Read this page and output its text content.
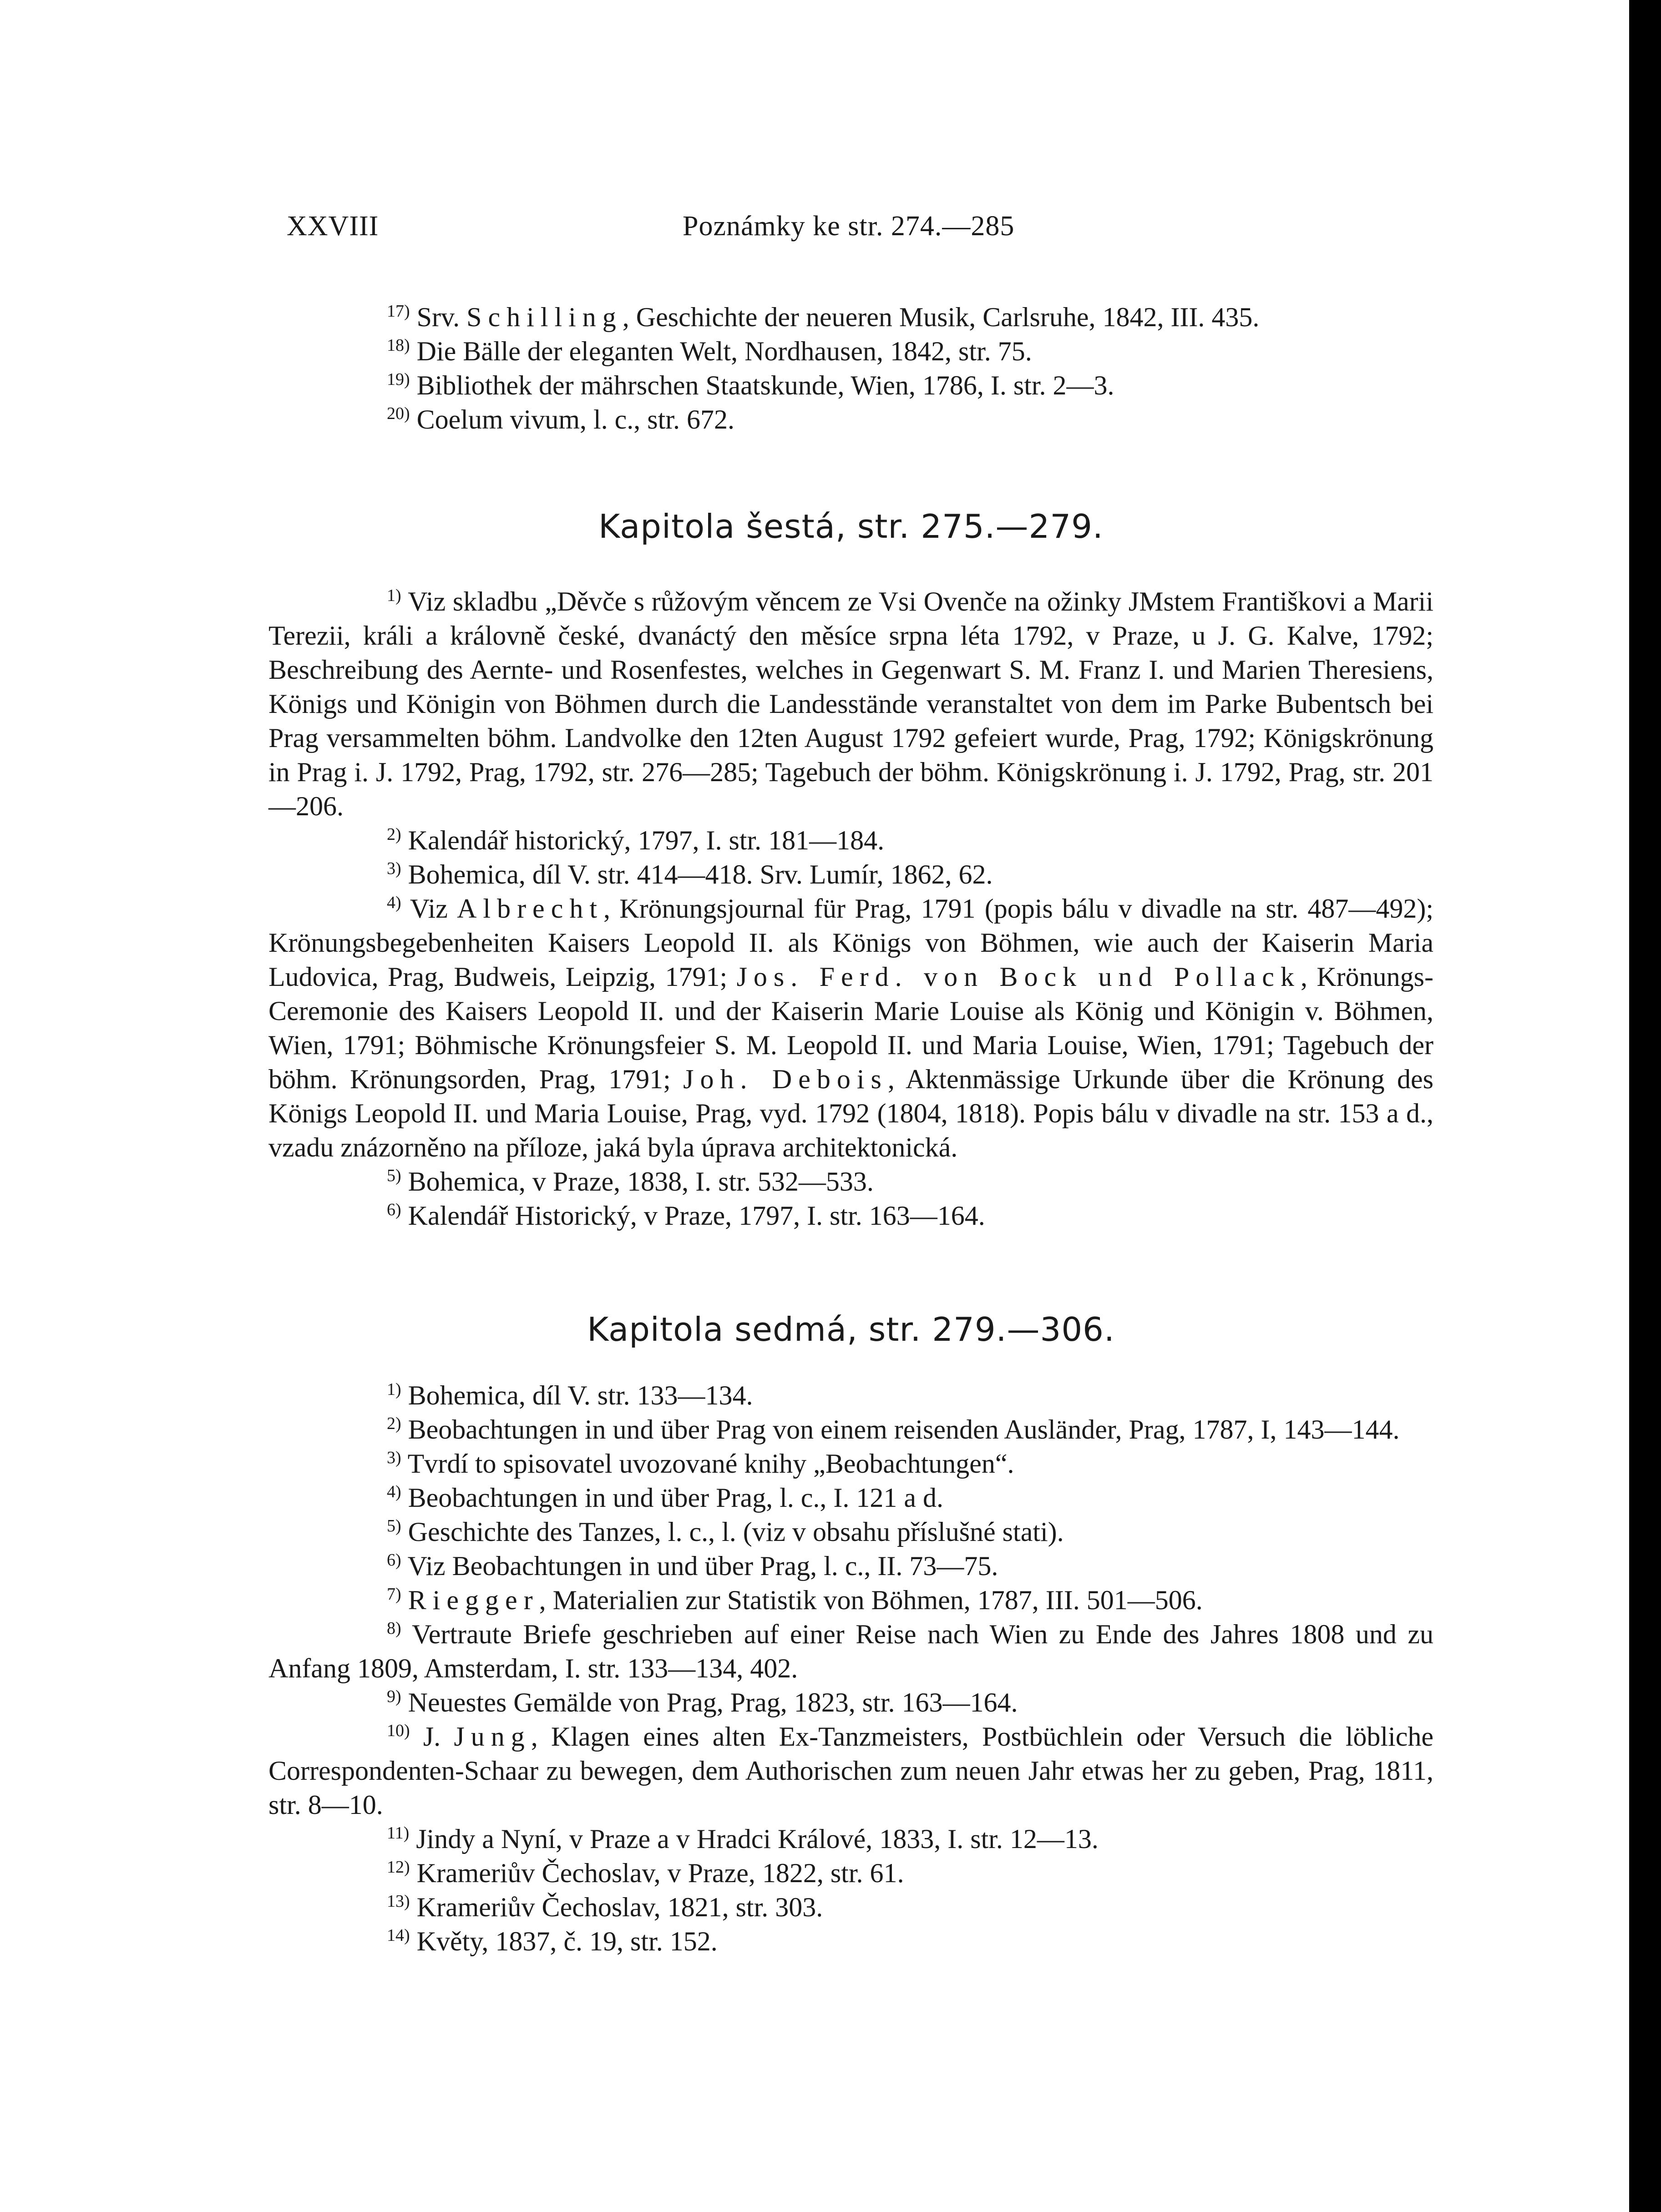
XXVIII	Poznámky ke str. 274.—285

$^{17)}$ Srv. Schilling, Geschichte der neueren Musik, Carlsruhe, 1842, III. 435.

$^{18)}$ Die Bälle der eleganten Welt, Nordhausen, 1842, str. 75.

$^{19)}$ Bibliothek der mährschen Staatskunde, Wien, 1786, I. str. 2—3.

$^{20)}$ Coelum vivum, l. c., str. 672.

Kapitola šestá, str. 275.—279.

$^{1)}$ Viz skladbu „Děvče s růžovým věncem ze Vsi Ovenče na ožinky JMstem Františkovi a Marii Terezii, králi a královně české, dvanáctý den měsíce srpna léta 1792, v Praze, u J. G. Kalve, 1792; Beschreibung des Aernte- und Rosenfestes, welches in Gegenwart S. M. Franz I. und Marien Theresiens, Königs und Königin von Böhmen durch die Landesstände veranstaltet von dem im Parke Bubentsch bei Prag versammelten böhm. Landvolke den 12ten August 1792 gefeiert wurde, Prag, 1792; Königskrönung in Prag i. J. 1792, Prag, 1792, str. 276—285; Tagebuch der böhm. Königskrönung i. J. 1792, Prag, str. 201—206.

$^{2)}$ Kalendář historický, 1797, I. str. 181—184.

$^{3)}$ Bohemica, díl V. str. 414—418. Srv. Lumír, 1862, 62.

$^{4)}$ Viz Albrecht, Krönungsjournal für Prag, 1791 (popis bálu v divadle na str. 487—492); Krönungsbegebenheiten Kaisers Leopold II. als Königs von Böhmen, wie auch der Kaiserin Maria Ludovica, Prag, Budweis, Leipzig, 1791; Jos. Ferd. von Bock und Pollack, Krönungs-Ceremonie des Kaisers Leopold II. und der Kaiserin Marie Louise als König und Königin v. Böhmen, Wien, 1791; Böhmische Krönungsfeier S. M. Leopold II. und Maria Louise, Wien, 1791; Tagebuch der böhm. Krönungsorden, Prag, 1791; Joh. Debois, Aktenmässige Urkunde über die Krönung des Königs Leopold II. und Maria Louise, Prag, vyd. 1792 (1804, 1818). Popis bálu v divadle na str. 153 a d., vzadu znázorněno na příloze, jaká byla úprava architektonická.

$^{5)}$ Bohemica, v Praze, 1838, I. str. 532—533.

$^{6)}$ Kalendář Historický, v Praze, 1797, I. str. 163—164.

Kapitola sedmá, str. 279.—306.

$^{1)}$ Bohemica, díl V. str. 133—134.

$^{2)}$ Beobachtungen in und über Prag von einem reisenden Ausländer, Prag, 1787, I, 143—144.

$^{3)}$ Tvrdí to spisovatel uvozované knihy „Beobachtungen“.

$^{4)}$ Beobachtungen in und über Prag, l. c., I. 121 a d.

$^{5)}$ Geschichte des Tanzes, l. c., l. (viz v obsahu příslušné stati).

$^{6)}$ Viz Beobachtungen in und über Prag, l. c., II. 73—75.

$^{7)}$ Riegger, Materialien zur Statistik von Böhmen, 1787, III. 501—506.

$^{8)}$ Vertraute Briefe geschrieben auf einer Reise nach Wien zu Ende des Jahres 1808 und zu Anfang 1809, Amsterdam, I. str. 133—134, 402.

$^{9)}$ Neuestes Gemälde von Prag, Prag, 1823, str. 163—164.

$^{10)}$ J. Jung, Klagen eines alten Ex-Tanzmeisters, Postbüchlein oder Versuch die löbliche Correspondenten-Schaar zu bewegen, dem Authorischen zum neuen Jahr etwas her zu geben, Prag, 1811, str. 8—10.

$^{11)}$ Jindy a Nyní, v Praze a v Hradci Králové, 1833, I. str. 12—13.

$^{12)}$ Krameriův Čechoslav, v Praze, 1822, str. 61.

$^{13)}$ Krameriův Čechoslav, 1821, str. 303.

$^{14)}$ Květy, 1837, č. 19, str. 152.
